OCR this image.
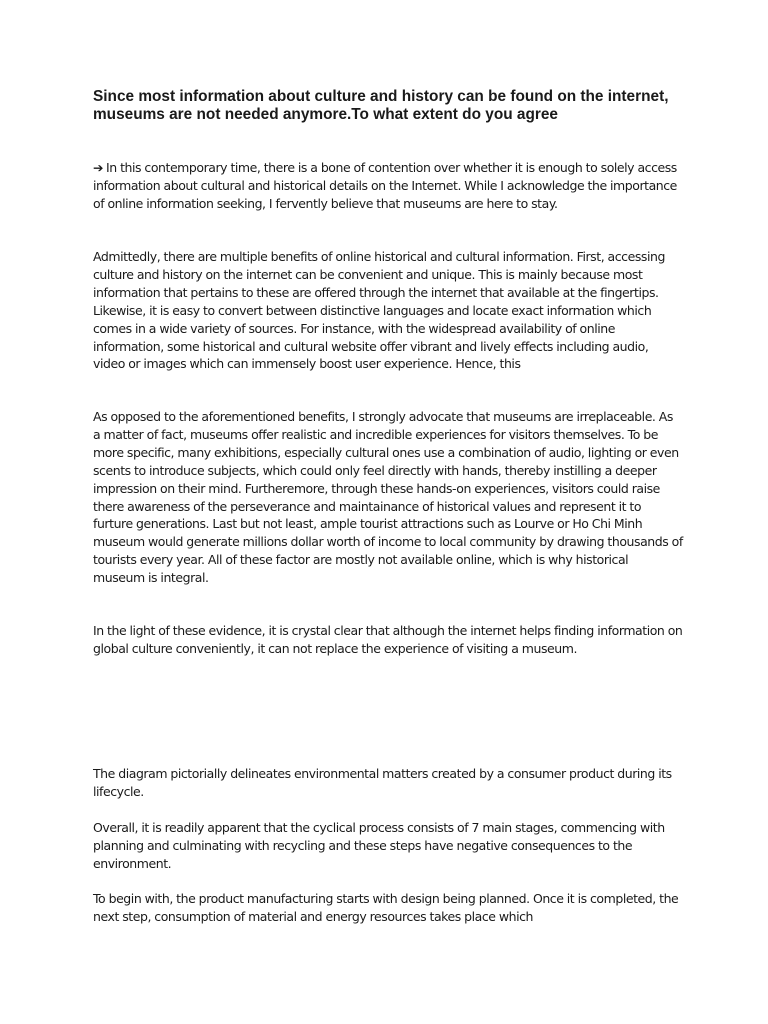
Since most information about culture and history can be found on the internet, museums are not needed anymore.To what extent do you agree

➔ In this contemporary time, there is a bone of contention over whether it is enough to solely access information about cultural and historical details on the Internet. While I acknowledge the importance of online information seeking, I fervently believe that museums are here to stay.

Admittedly, there are multiple benefits of online historical and cultural information. First, accessing culture and history on the internet can be convenient and unique. This is mainly because most information that pertains to these are offered through the internet that available at the fingertips. Likewise, it is easy to convert between distinctive languages and locate exact information which comes in a wide variety of sources. For instance, with the widespread availability of online information, some historical and cultural website offer vibrant and lively effects including audio, video or images which can immensely boost user experience. Hence, this

As opposed to the aforementioned benefits, I strongly advocate that museums are irreplaceable. As a matter of fact, museums offer realistic and incredible experiences for visitors themselves. To be more specific, many exhibitions, especially cultural ones use a combination of audio, lighting or even scents to introduce subjects, which could only feel directly with hands, thereby instilling a deeper impression on their mind. Furtheremore, through these hands-on experiences, visitors could raise there awareness of the perseverance and maintainance of historical values and represent it to furture generations. Last but not least, ample tourist attractions such as Lourve or Ho Chi Minh museum would generate millions dollar worth of income to local community by drawing thousands of tourists every year. All of these factor are mostly not available online, which is why historical museum is integral.

In the light of these evidence, it is crystal clear that although the internet helps finding information on global culture conveniently, it can not replace the experience of visiting a museum.

The diagram pictorially delineates environmental matters created by a consumer product during its lifecycle.

Overall, it is readily apparent that the cyclical process consists of 7 main stages, commencing with planning and culminating with recycling and these steps have negative consequences to the environment.

To begin with, the product manufacturing starts with design being planned. Once it is completed, the next step, consumption of material and energy resources takes place which
